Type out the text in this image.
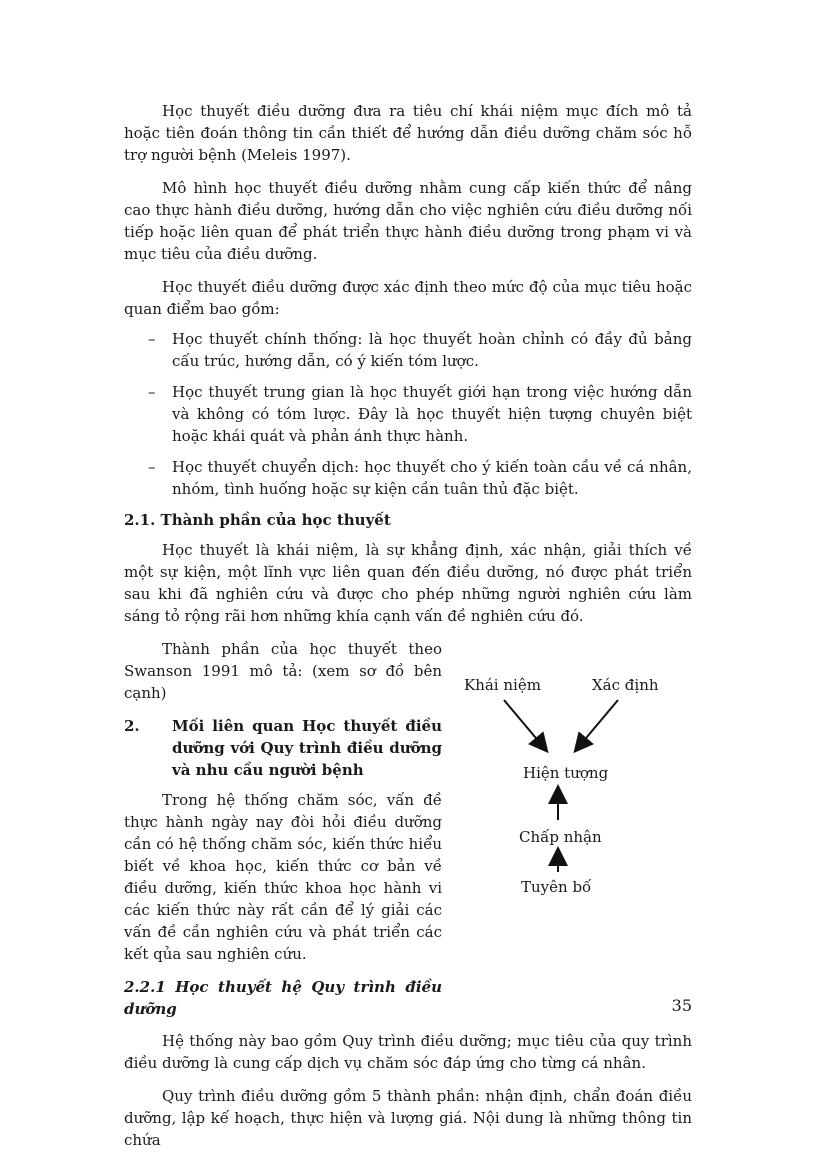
Học thuyết điều dưỡng đưa ra tiêu chí khái niệm mục đích mô tả hoặc tiên đoán thông tin cần thiết để hướng dẫn điều dưỡng chăm sóc hỗ trợ người bệnh (Meleis 1997).

Mô hình học thuyết điều dưỡng nhằm cung cấp kiến thức để nâng cao thực hành điều dưỡng, hướng dẫn cho việc nghiên cứu điều dưỡng nối tiếp hoặc liên quan để phát triển thực hành điều dưỡng trong phạm vi và mục tiêu của điều dưỡng.

Học thuyết điều dưỡng được xác định theo mức độ của mục tiêu hoặc quan điểm bao gồm:

– Học thuyết chính thống: là học thuyết hoàn chỉnh có đầy đủ bảng cấu trúc, hướng dẫn, có ý kiến tóm lược.
– Học thuyết trung gian là học thuyết giới hạn trong việc hướng dẫn và không có tóm lược. Đây là học thuyết hiện tượng chuyên biệt hoặc khái quát và phản ánh thực hành.
– Học thuyết chuyển dịch: học thuyết cho ý kiến toàn cầu về cá nhân, nhóm, tình huống hoặc sự kiện cần tuân thủ đặc biệt.
2.1. Thành phần của học thuyết

Học thuyết là khái niệm, là sự khẳng định, xác nhận, giải thích về một sự kiện, một lĩnh vực liên quan đến điều dưỡng, nó được phát triển sau khi đã nghiên cứu và được cho phép những người nghiên cứu làm sáng tỏ rộng rãi hơn những khía cạnh vấn đề nghiên cứu đó.

Thành phần của học thuyết theo Swanson 1991 mô tả: (xem sơ đồ bên cạnh)

2.	Mối liên quan Học thuyết điều dưỡng với Quy trình điều dưỡng và nhu cầu người bệnh

Trong hệ thống chăm sóc, vấn đề thực hành ngày nay đòi hỏi điều dưỡng cần có hệ thống chăm sóc, kiến thức hiểu biết về khoa học, kiến thức cơ bản về điều dưỡng, kiến thức khoa học hành vi các kiến thức này rất cần để lý giải các vấn đề cần nghiên cứu và phát triển các kết qủa sau nghiên cứu.

2.2.1 Học thuyết hệ Quy trình điều dưỡng
Khái niệm	Xác định
Hiện tượng
Chấp nhận
Tuyên bố

Hệ thống này bao gồm Quy trình điều dưỡng; mục tiêu của quy trình điều dưỡng là cung cấp dịch vụ chăm sóc đáp ứng cho từng cá nhân.

Quy trình điều dưỡng gồm 5 thành phần: nhận định, chẩn đoán điều dưỡng, lập kế hoạch, thực hiện và lượng giá. Nội dung là những thông tin chứa

35
